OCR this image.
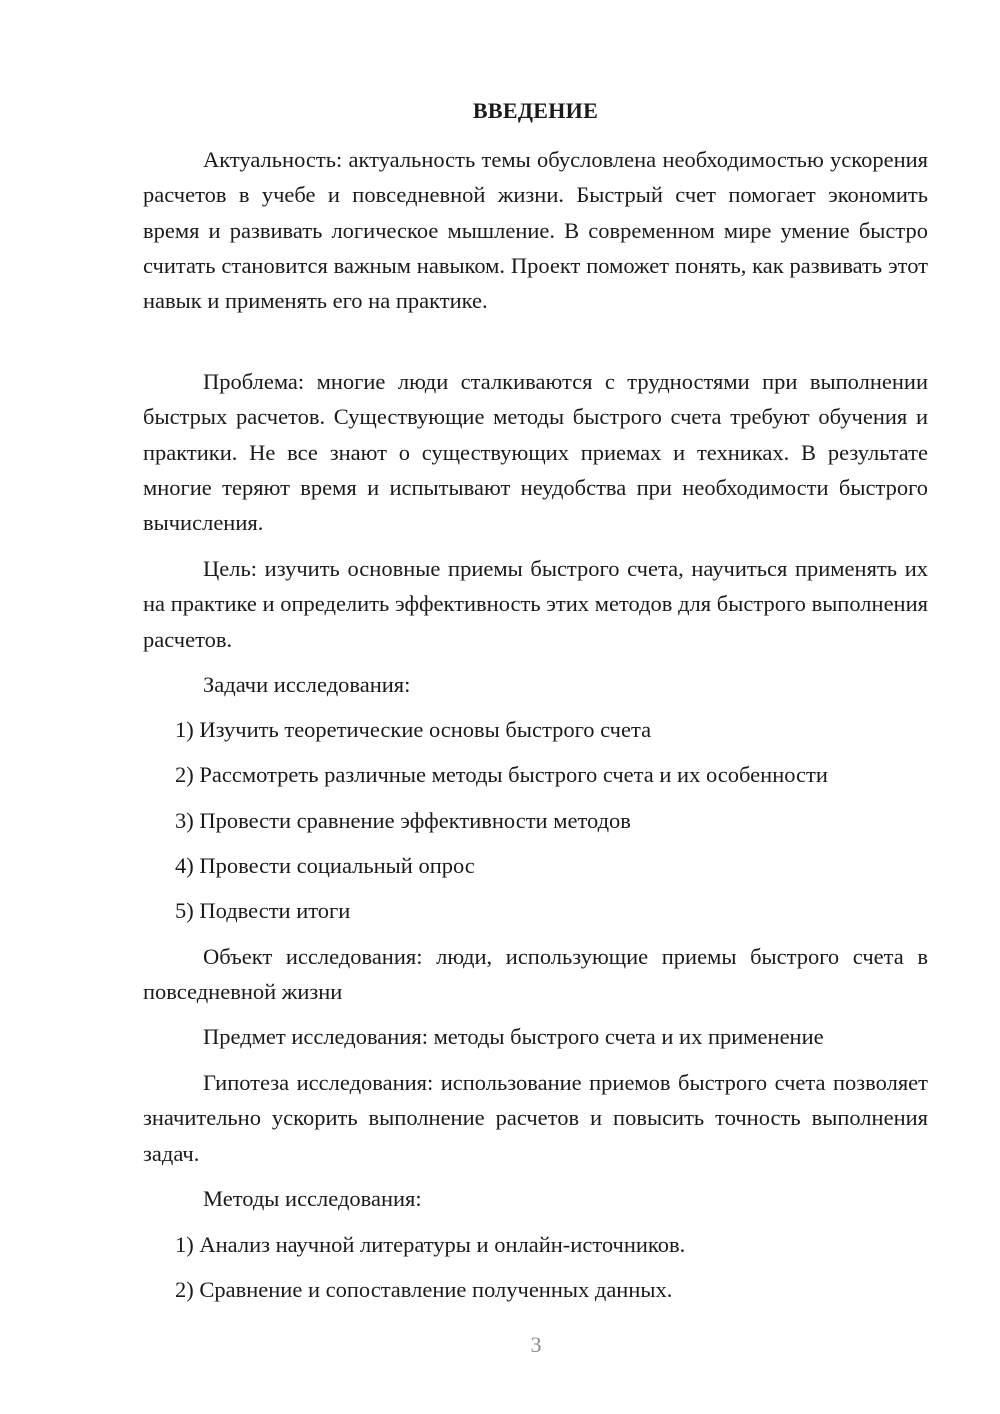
ВВЕДЕНИЕ

Актуальность: актуальность темы обусловлена необходимостью ускорения расчетов в учебе и повседневной жизни. Быстрый счет помогает экономить время и развивать логическое мышление. В современном мире умение быстро считать становится важным навыком. Проект поможет понять, как развивать этот навык и применять его на практике.

Проблема: многие люди сталкиваются с трудностями при выполнении быстрых расчетов. Существующие методы быстрого счета требуют обучения и практики. Не все знают о существующих приемах и техниках. В результате многие теряют время и испытывают неудобства при необходимости быстрого вычисления.

Цель: изучить основные приемы быстрого счета, научиться применять их на практике и определить эффективность этих методов для быстрого выполнения расчетов.

Задачи исследования:
1) Изучить теоретические основы быстрого счета
2) Рассмотреть различные методы быстрого счета и их особенности
3) Провести сравнение эффективности методов
4) Провести социальный опрос
5) Подвести итоги

Объект исследования: люди, использующие приемы быстрого счета в повседневной жизни

Предмет исследования: методы быстрого счета и их применение

Гипотеза исследования: использование приемов быстрого счета позволяет значительно ускорить выполнение расчетов и повысить точность выполнения задач.

Методы исследования:
1) Анализ научной литературы и онлайн-источников.
2) Сравнение и сопоставление полученных данных.
3
